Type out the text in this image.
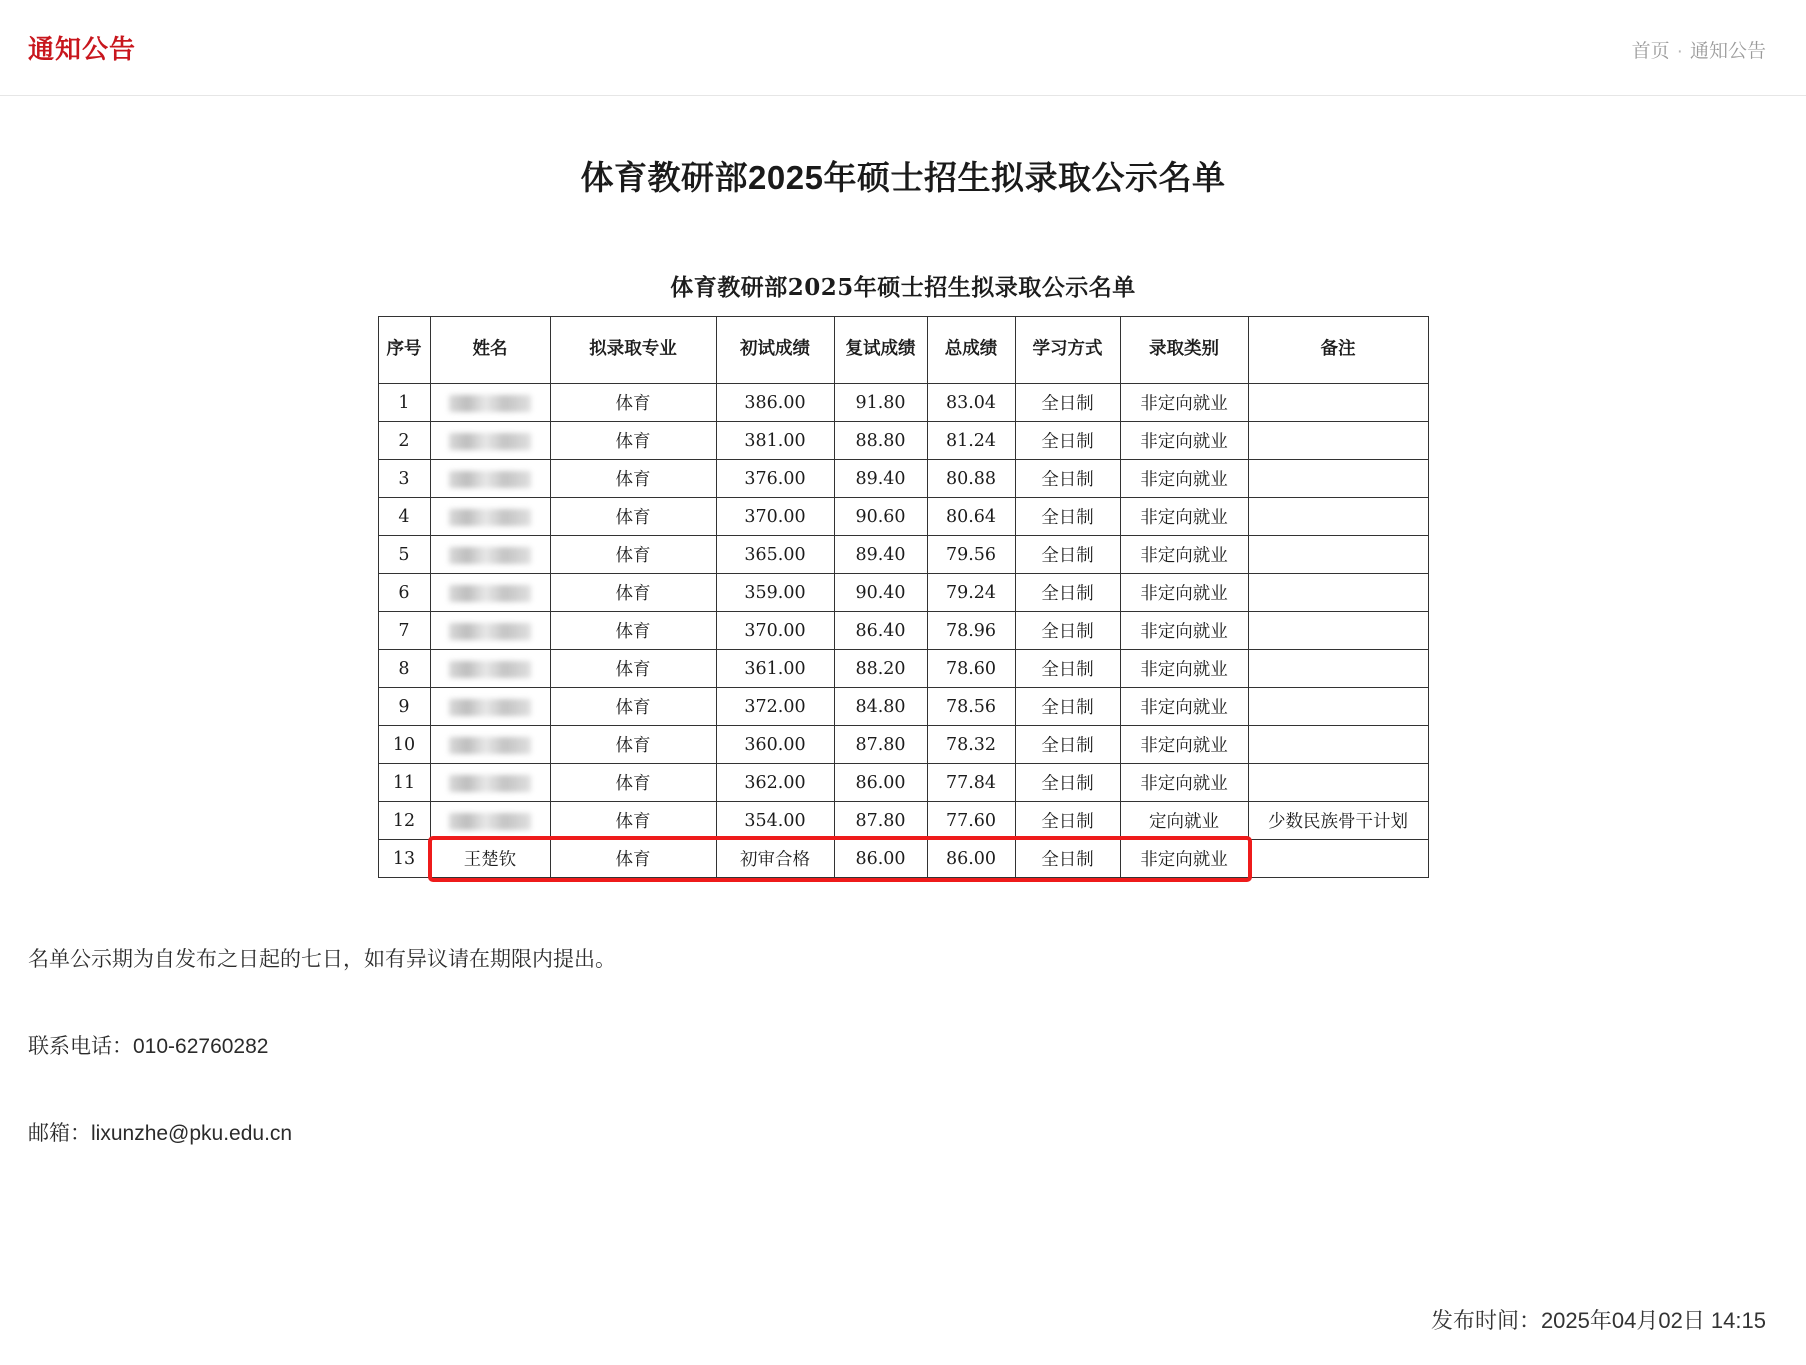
通知公告	首页 · 通知公告
体育教研部2025年硕士招生拟录取公示名单
体育教研部2025年硕士招生拟录取公示名单
序号	姓名	拟录取专业	初试成绩	复试成绩	总成绩	学习方式	录取类别	备注
1		体育	386.00	91.80	83.04	全日制	非定向就业	
2		体育	381.00	88.80	81.24	全日制	非定向就业	
3		体育	376.00	89.40	80.88	全日制	非定向就业	
4		体育	370.00	90.60	80.64	全日制	非定向就业	
5		体育	365.00	89.40	79.56	全日制	非定向就业	
6		体育	359.00	90.40	79.24	全日制	非定向就业	
7		体育	370.00	86.40	78.96	全日制	非定向就业	
8		体育	361.00	88.20	78.60	全日制	非定向就业	
9		体育	372.00	84.80	78.56	全日制	非定向就业	
10		体育	360.00	87.80	78.32	全日制	非定向就业	
11		体育	362.00	86.00	77.84	全日制	非定向就业	
12		体育	354.00	87.80	77.60	全日制	定向就业	少数民族骨干计划
13	王楚钦	体育	初审合格	86.00	86.00	全日制	非定向就业	

名单公示期为自发布之日起的七日，如有异议请在期限内提出。

联系电话：010-62760282

邮箱：lixunzhe@pku.edu.cn

发布时间：2025年04月02日 14:15
